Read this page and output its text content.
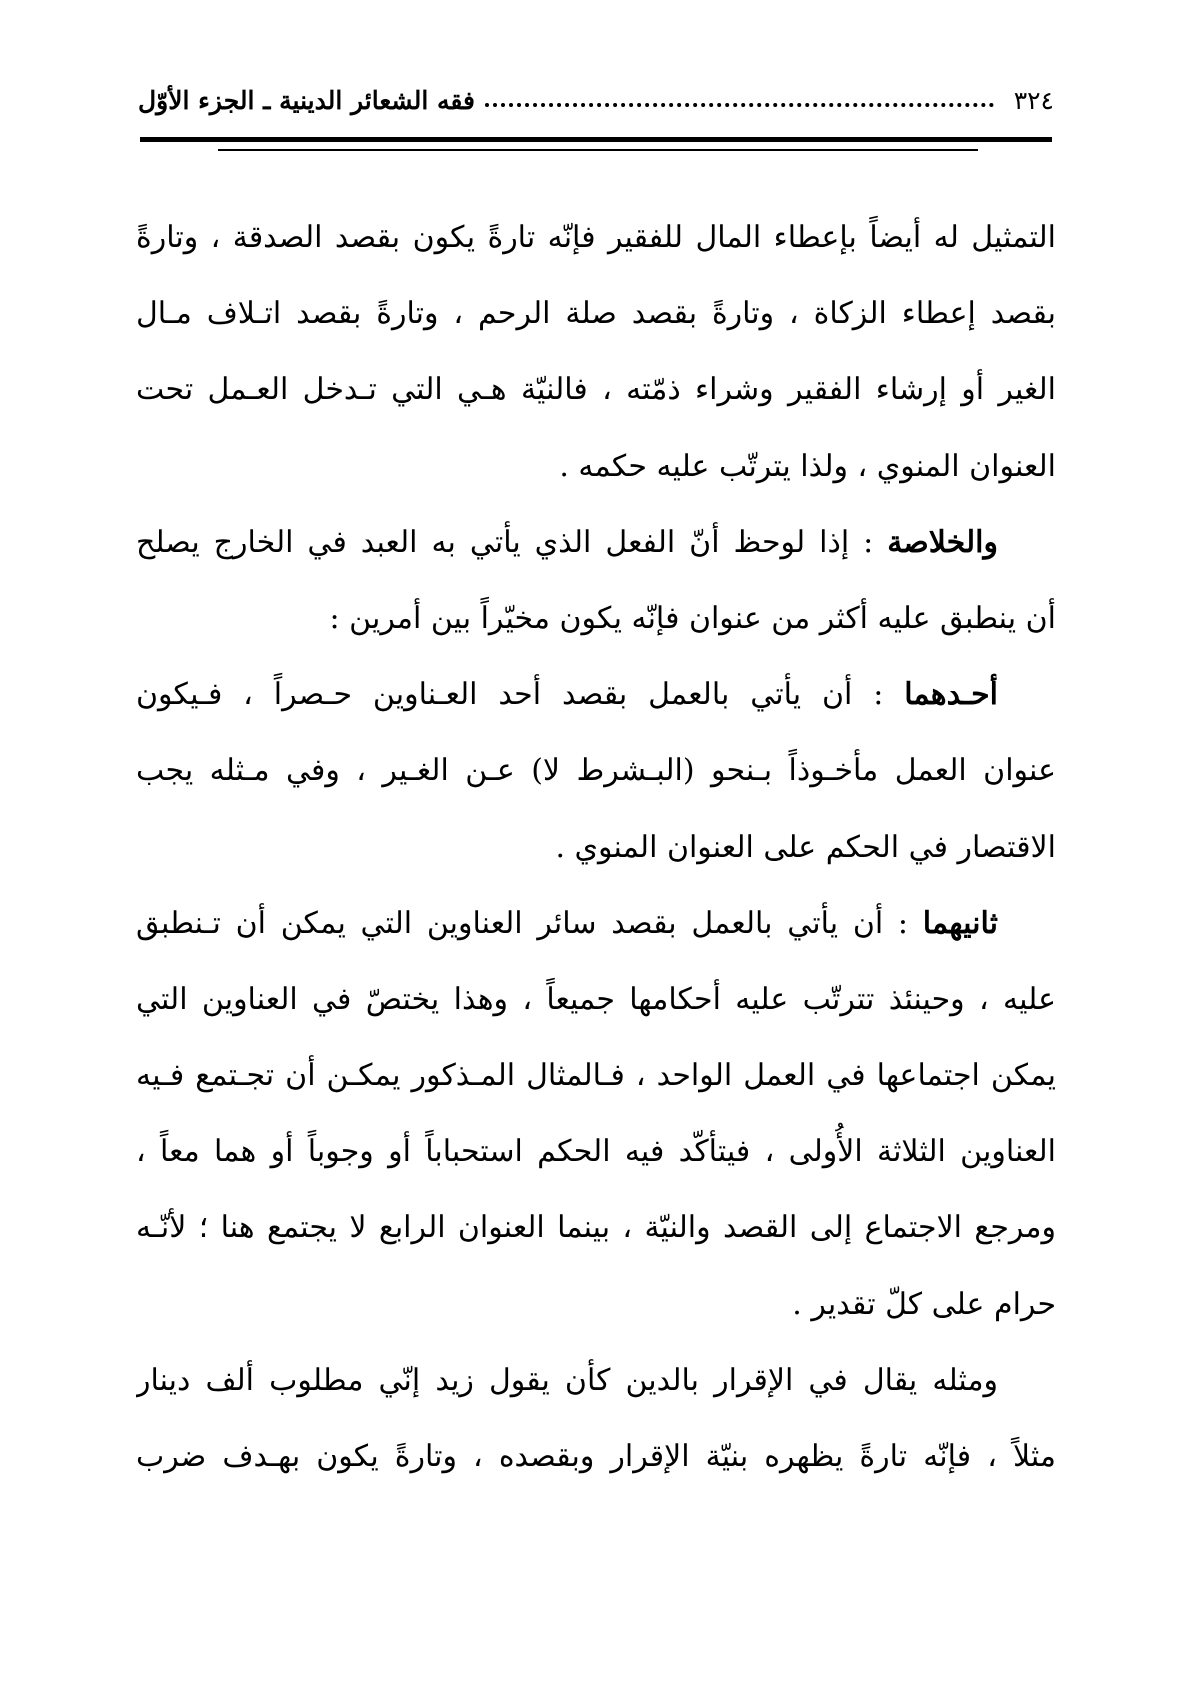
٣٢٤
فقه الشعائر الدينية ـ الجزء الأوّل
التمثيل له أيضاً بإعطاء المال للفقير فإنّه تارةً يكون بقصد الصدقة ، وتارةً
بقصد إعطاء الزكاة ، وتارةً بقصد صلة الرحم ، وتارةً بقصد اتـلاف مـال
الغير أو إرشاء الفقير وشراء ذمّته ، فالنيّة هـي التي تـدخل العـمل تحت
العنوان المنوي ، ولذا يترتّب عليه حكمه .
والخلاصة : إذا لوحظ أنّ الفعل الذي يأتي به العبد في الخارج يصلح
أن ينطبق عليه أكثر من عنوان فإنّه يكون مخيّراً بين أمرين :
أحـدهما : أن يأتي بالعمل بقصد أحد العـناوين حـصراً ، فـيكون
عنوان العمل مأخـوذاً بـنحو (البـشرط لا) عـن الغـير ، وفي مـثله يجب
الاقتصار في الحكم على العنوان المنوي .
ثانيهما : أن يأتي بالعمل بقصد سائر العناوين التي يمكن أن تـنطبق
عليه ، وحينئذ تترتّب عليه أحكامها جميعاً ، وهذا يختصّ في العناوين التي
يمكن اجتماعها في العمل الواحد ، فـالمثال المـذكور يمكـن أن تجـتمع فـيه
العناوين الثلاثة الأُولى ، فيتأكّد فيه الحكم استحباباً أو وجوباً أو هما معاً ،
ومرجع الاجتماع إلى القصد والنيّة ، بينما العنوان الرابع لا يجتمع هنا ؛ لأنّـه
حرام على كلّ تقدير .
ومثله يقال في الإقرار بالدين كأن يقول زيد إنّي مطلوب ألف دينار
مثلاً ، فإنّه تارةً يظهره بنيّة الإقرار وبقصده ، وتارةً يكون بهـدف ضرب
